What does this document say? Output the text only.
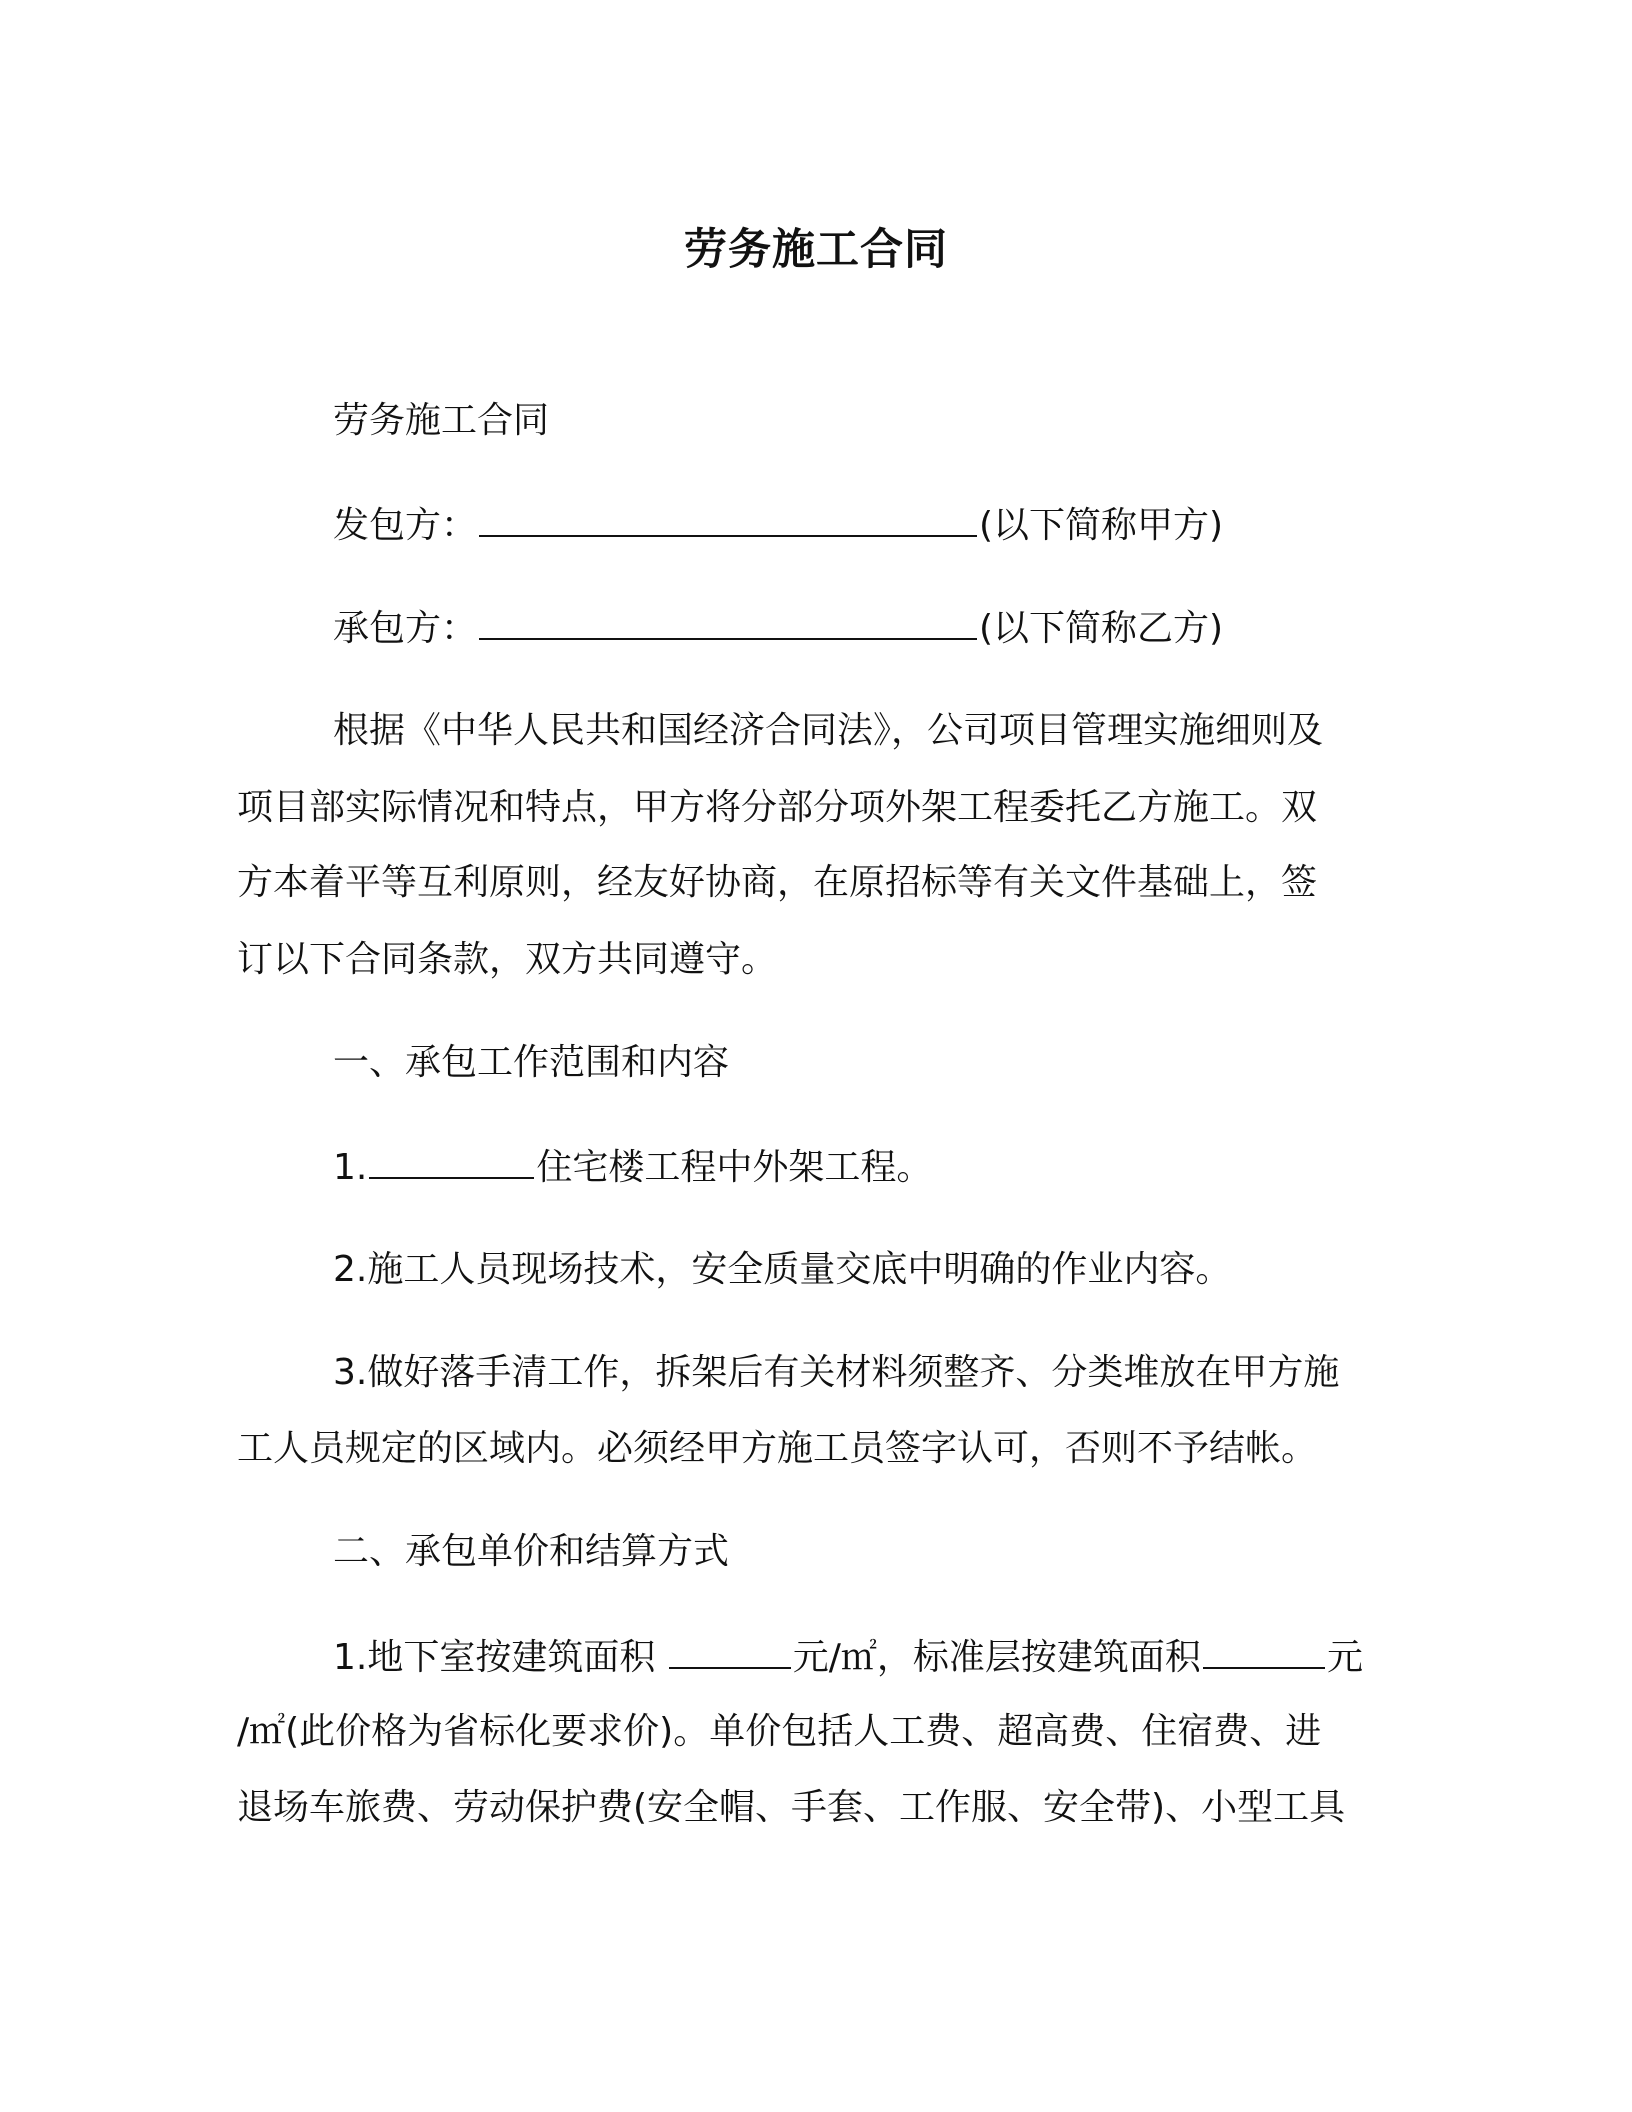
劳务施工合同
劳务施工合同
发包方：	(以下简称甲方)
承包方：	(以下简称乙方)
根据《中华人民共和国经济合同法》，公司项目管理实施细则及
项目部实际情况和特点，甲方将分部分项外架工程委托乙方施工。双
方本着平等互利原则，经友好协商，在原招标等有关文件基础上，签
订以下合同条款，双方共同遵守。
一、承包工作范围和内容
1.	住宅楼工程中外架工程。
2.施工人员现场技术，安全质量交底中明确的作业内容。
3.做好落手清工作，拆架后有关材料须整齐、分类堆放在甲方施
工人员规定的区域内。必须经甲方施工员签字认可，否则不予结帐。
二、承包单价和结算方式
1.地下室按建筑面积	元/㎡，标准层按建筑面积	元
/㎡(此价格为省标化要求价)。单价包括人工费、超高费、住宿费、进
退场车旅费、劳动保护费(安全帽、手套、工作服、安全带)、小型工具
